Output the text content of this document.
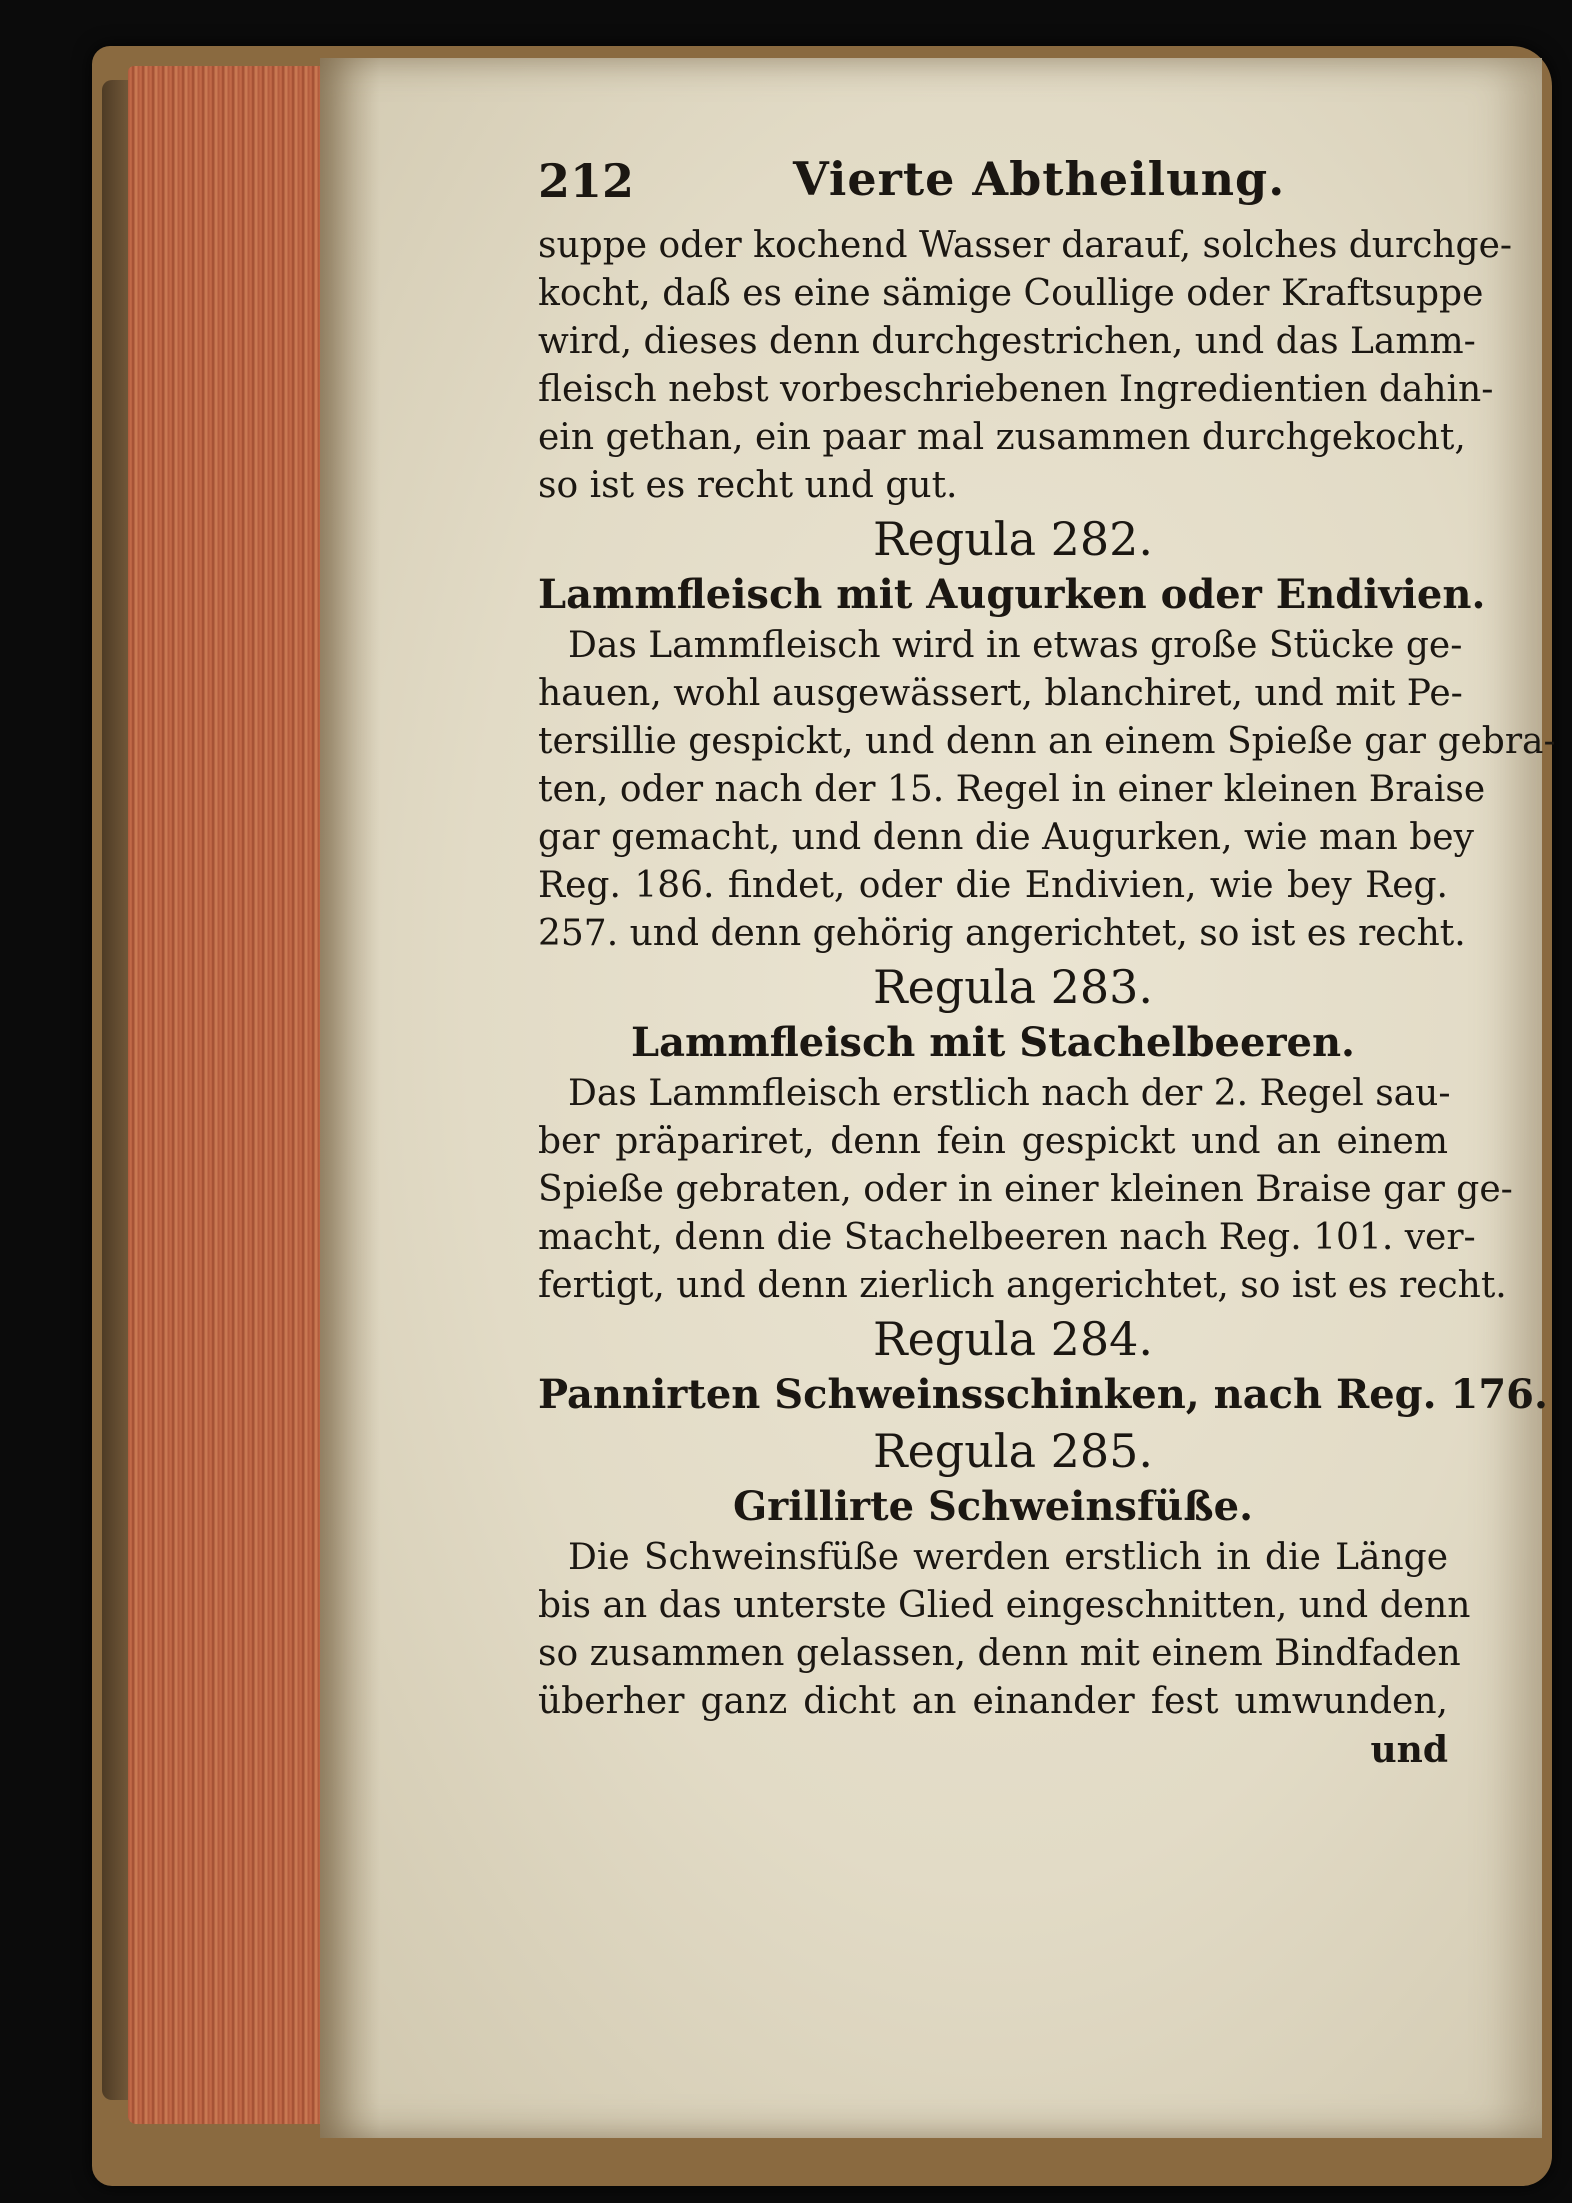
212	Vierte Abtheilung.
suppe oder kochend Wasser darauf, solches durchge-
kocht, daß es eine sämige Coullige oder Kraftsuppe
wird, dieses denn durchgestrichen, und das Lamm-
fleisch nebst vorbeschriebenen Ingredientien dahin-
ein gethan, ein paar mal zusammen durchgekocht,
so ist es recht und gut.
Regula 282.
Lammfleisch mit Augurken oder Endivien.
Das Lammfleisch wird in etwas große Stücke ge-
hauen, wohl ausgewässert, blanchiret, und mit Pe-
tersillie gespickt, und denn an einem Spieße gar gebra-
ten, oder nach der 15. Regel in einer kleinen Braise
gar gemacht, und denn die Augurken, wie man bey
Reg. 186. findet, oder die Endivien, wie bey Reg.
257. und denn gehörig angerichtet, so ist es recht.
Regula 283.
Lammfleisch mit Stachelbeeren.
Das Lammfleisch erstlich nach der 2. Regel sau-
ber präpariret, denn fein gespickt und an einem
Spieße gebraten, oder in einer kleinen Braise gar ge-
macht, denn die Stachelbeeren nach Reg. 101. ver-
fertigt, und denn zierlich angerichtet, so ist es recht.
Regula 284.
Pannirten Schweinsschinken, nach Reg. 176.
Regula 285.
Grillirte Schweinsfüße.
Die Schweinsfüße werden erstlich in die Länge
bis an das unterste Glied eingeschnitten, und denn
so zusammen gelassen, denn mit einem Bindfaden
überher ganz dicht an einander fest umwunden,
und
